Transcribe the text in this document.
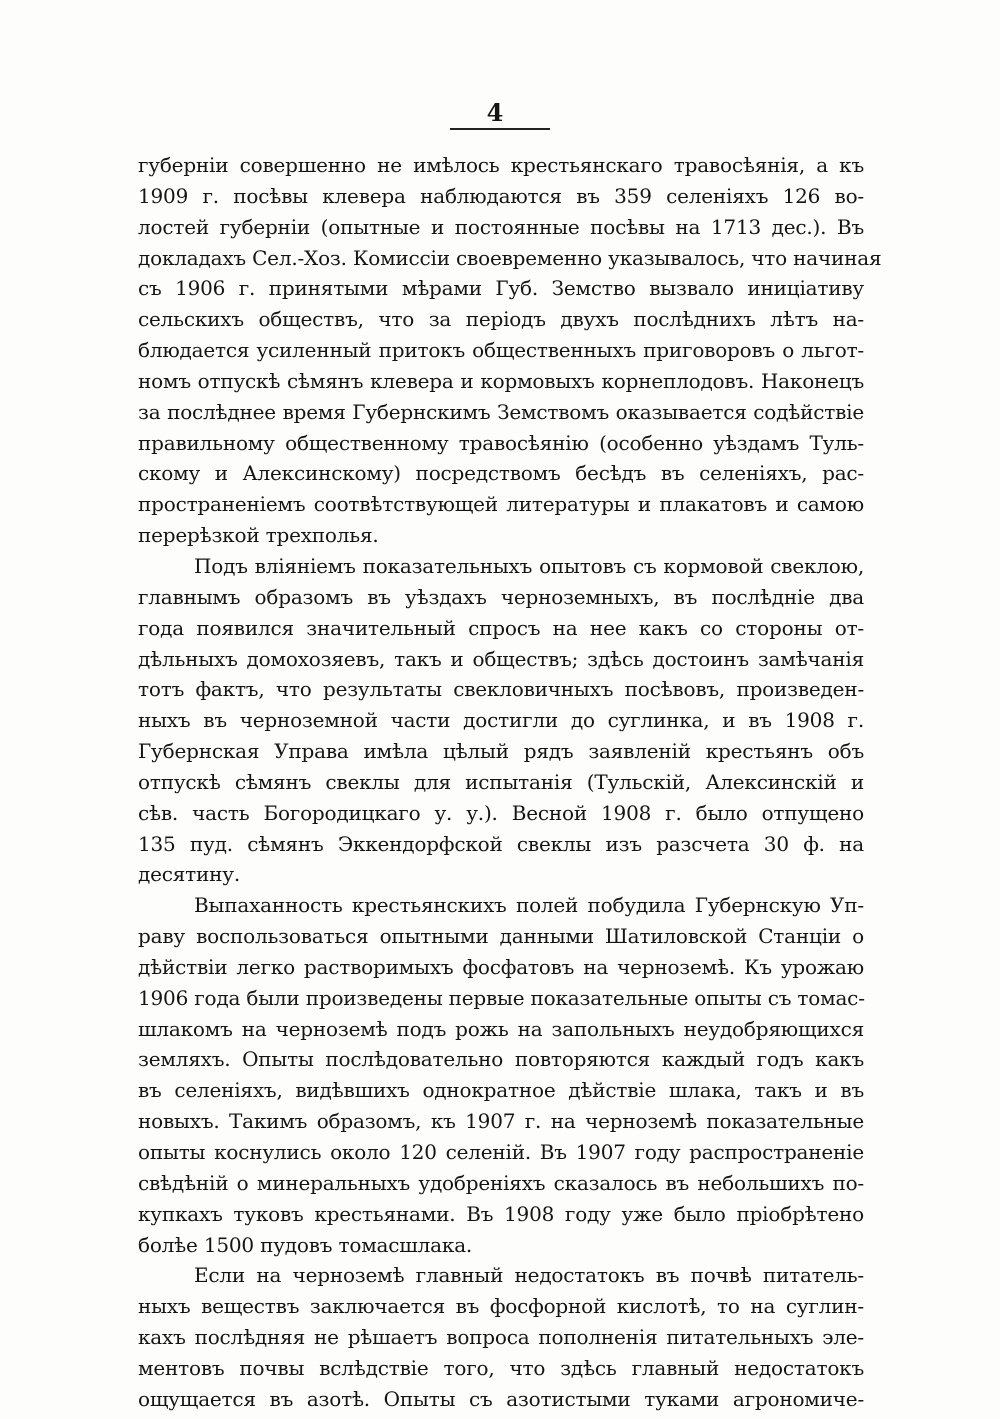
4
губерніи совершенно не имѣлось крестьянскаго травосѣянія, а къ
1909 г. посѣвы клевера наблюдаются въ 359 селеніяхъ 126 во-
лостей губерніи (опытные и постоянные посѣвы на 1713 дес.). Въ
докладахъ Сел.-Хоз. Комиссіи своевременно указывалось, что начиная
съ 1906 г. принятыми мѣрами Губ. Земство вызвало иниціативу
сельскихъ обществъ, что за періодъ двухъ послѣднихъ лѣтъ на-
блюдается усиленный притокъ общественныхъ приговоровъ о льгот-
номъ отпускѣ сѣмянъ клевера и кормовыхъ корнеплодовъ. Наконецъ
за послѣднее время Губернскимъ Земствомъ оказывается содѣйствіе
правильному общественному травосѣянію (особенно уѣздамъ Туль-
скому и Алексинскому) посредствомъ бесѣдъ въ селеніяхъ, рас-
пространеніемъ соотвѣтствующей литературы и плакатовъ и самою
перерѣзкой трехполья.
Подъ вліяніемъ показательныхъ опытовъ съ кормовой свеклою,
главнымъ образомъ въ уѣздахъ черноземныхъ, въ послѣдніе два
года появился значительный спросъ на нее какъ со стороны от-
дѣльныхъ домохозяевъ, такъ и обществъ; здѣсь достоинъ замѣчанія
тотъ фактъ, что результаты свекловичныхъ посѣвовъ, произведен-
ныхъ въ черноземной части достигли до суглинка, и въ 1908 г.
Губернская Управа имѣла цѣлый рядъ заявленій крестьянъ объ
отпускѣ сѣмянъ свеклы для испытанія (Тульскій, Алексинскій и
сѣв. часть Богородицкаго у. у.). Весной 1908 г. было отпущено
135 пуд. сѣмянъ Эккендорфской свеклы изъ разсчета 30 ф. на
десятину.
Выпаханность крестьянскихъ полей побудила Губернскую Уп-
раву воспользоваться опытными данными Шатиловской Станціи о
дѣйствіи легко растворимыхъ фосфатовъ на черноземѣ. Къ урожаю
1906 года были произведены первые показательные опыты съ томас-
шлакомъ на черноземѣ подъ рожь на запольныхъ неудобряющихся
земляхъ. Опыты послѣдовательно повторяются каждый годъ какъ
въ селеніяхъ, видѣвшихъ однократное дѣйствіе шлака, такъ и въ
новыхъ. Такимъ образомъ, къ 1907 г. на черноземѣ показательные
опыты коснулись около 120 селеній. Въ 1907 году распространеніе
свѣдѣній о минеральныхъ удобреніяхъ сказалось въ небольшихъ по-
купкахъ туковъ крестьянами. Въ 1908 году уже было пріобрѣтено
болѣе 1500 пудовъ томасшлака.
Если на черноземѣ главный недостатокъ въ почвѣ питатель-
ныхъ веществъ заключается въ фосфорной кислотѣ, то на суглин-
кахъ послѣдняя не рѣшаетъ вопроса пополненія питательныхъ эле-
ментовъ почвы вслѣдствіе того, что здѣсь главный недостатокъ
ощущается въ азотѣ. Опыты съ азотистыми туками агрономиче-
